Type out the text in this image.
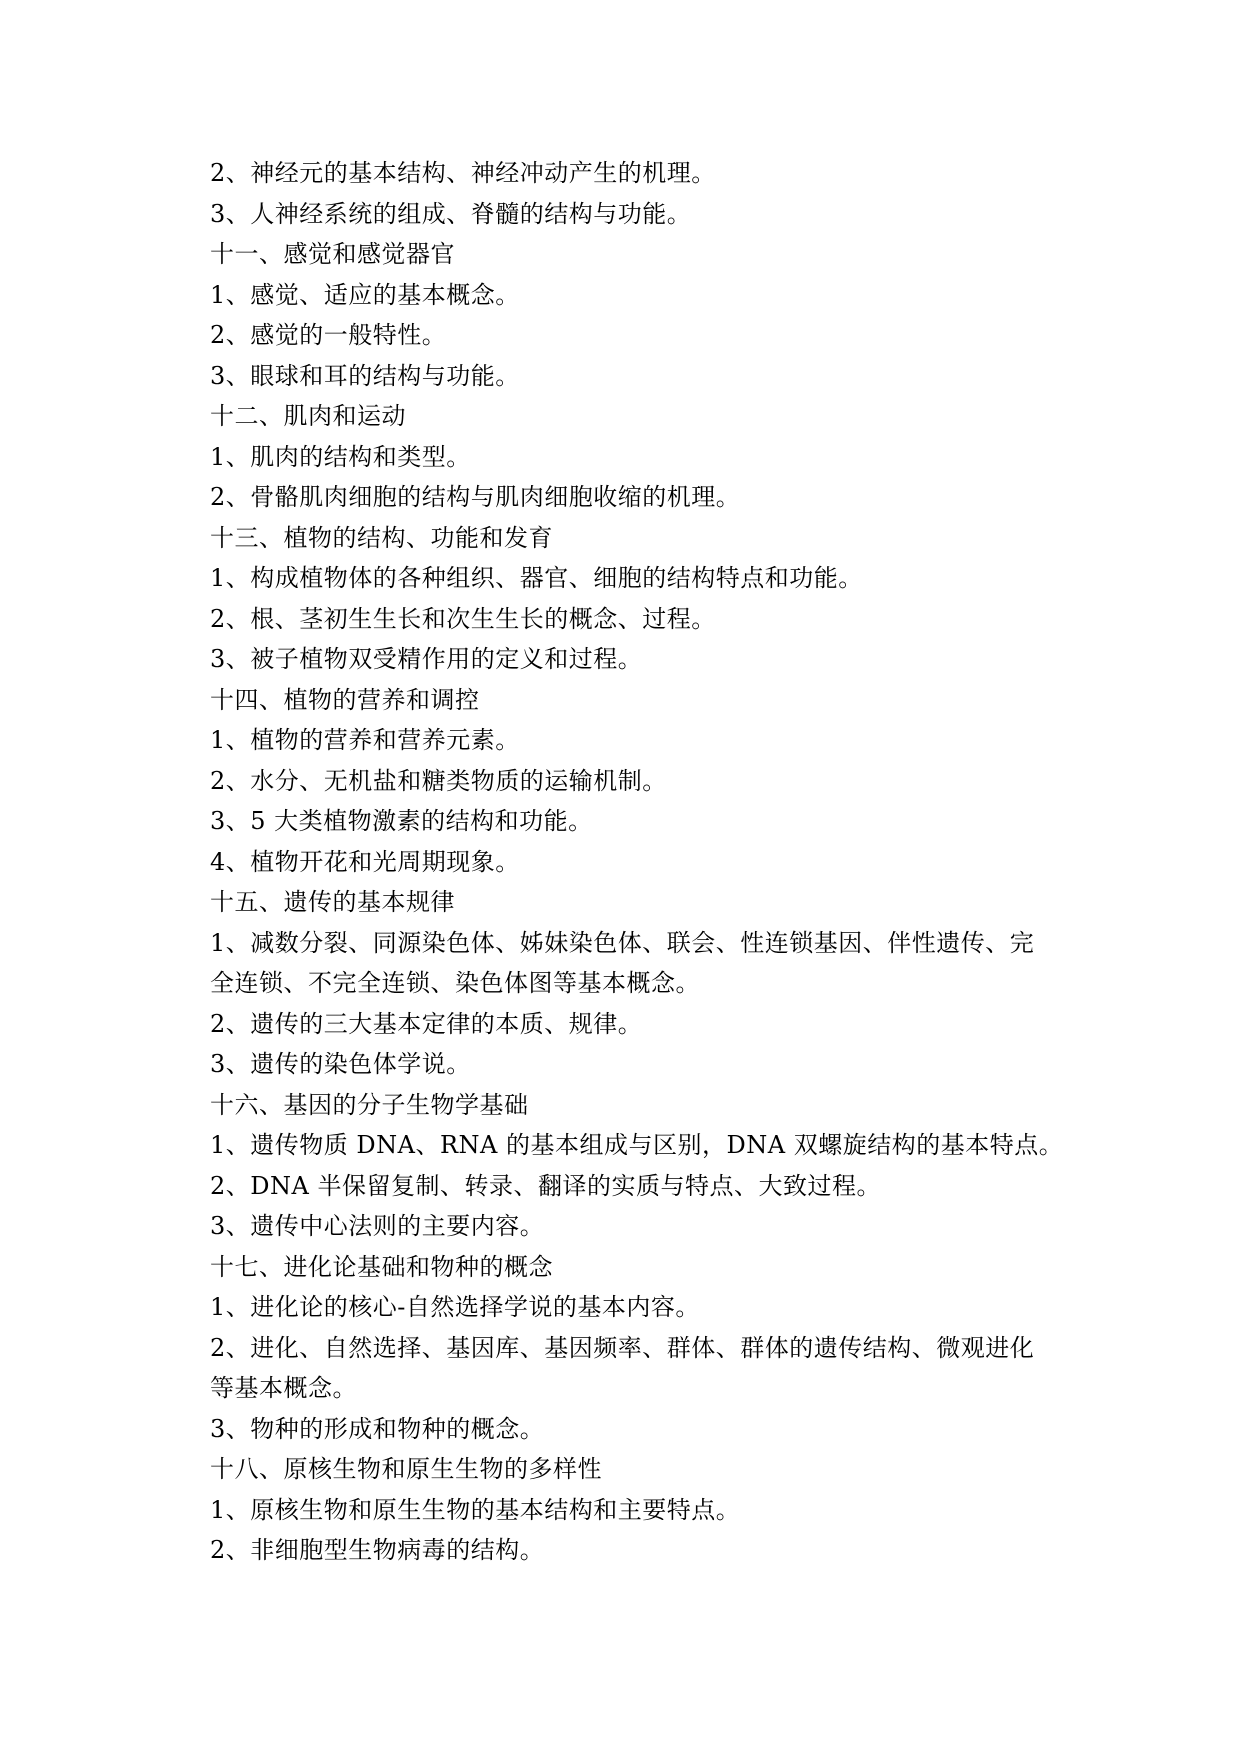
2、神经元的基本结构、神经冲动产生的机理。

3、人神经系统的组成、脊髓的结构与功能。

十一、感觉和感觉器官

1、感觉、适应的基本概念。

2、感觉的一般特性。

3、眼球和耳的结构与功能。

十二、肌肉和运动

1、肌肉的结构和类型。

2、骨骼肌肉细胞的结构与肌肉细胞收缩的机理。

十三、植物的结构、功能和发育

1、构成植物体的各种组织、器官、细胞的结构特点和功能。

2、根、茎初生生长和次生生长的概念、过程。

3、被子植物双受精作用的定义和过程。

十四、植物的营养和调控

1、植物的营养和营养元素。

2、水分、无机盐和糖类物质的运输机制。

3、5 大类植物激素的结构和功能。

4、植物开花和光周期现象。

十五、遗传的基本规律

1、减数分裂、同源染色体、姊妹染色体、联会、性连锁基因、伴性遗传、完

全连锁、不完全连锁、染色体图等基本概念。

2、遗传的三大基本定律的本质、规律。

3、遗传的染色体学说。

十六、基因的分子生物学基础

1、遗传物质 DNA、RNA 的基本组成与区别，DNA 双螺旋结构的基本特点。

2、DNA 半保留复制、转录、翻译的实质与特点、大致过程。

3、遗传中心法则的主要内容。

十七、进化论基础和物种的概念

1、进化论的核心-自然选择学说的基本内容。

2、进化、自然选择、基因库、基因频率、群体、群体的遗传结构、微观进化

等基本概念。

3、物种的形成和物种的概念。

十八、原核生物和原生生物的多样性

1、原核生物和原生生物的基本结构和主要特点。

2、非细胞型生物病毒的结构。
